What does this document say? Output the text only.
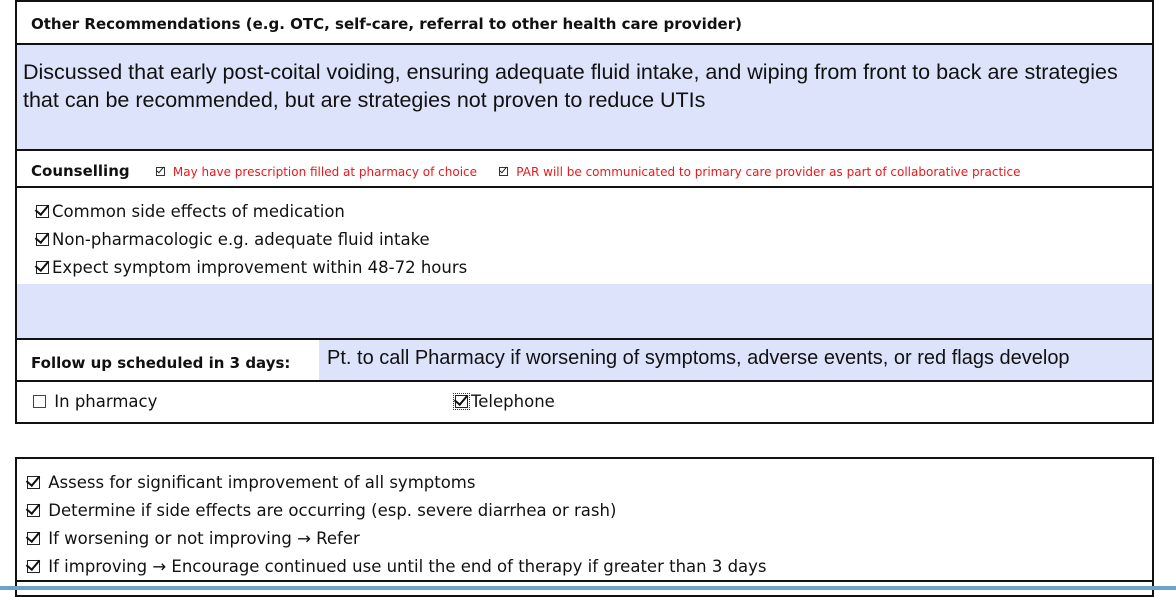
Other Recommendations (e.g. OTC, self-care, referral to other health care provider)
Discussed that early post-coital voiding, ensuring adequate fluid intake, and wiping from front to back are strategies that can be recommended, but are strategies not proven to reduce UTIs
Counselling	May have prescription filled at pharmacy of choice	PAR will be communicated to primary care provider as part of collaborative practice
Common side effects of medication
Non-pharmacologic e.g. adequate fluid intake
Expect symptom improvement within 48-72 hours
Follow up scheduled in 3 days:	Pt. to call Pharmacy if worsening of symptoms, adverse events, or red flags develop
In pharmacy	Telephone
Assess for significant improvement of all symptoms
Determine if side effects are occurring (esp. severe diarrhea or rash)
If worsening or not improving → Refer
If improving → Encourage continued use until the end of therapy if greater than 3 days
